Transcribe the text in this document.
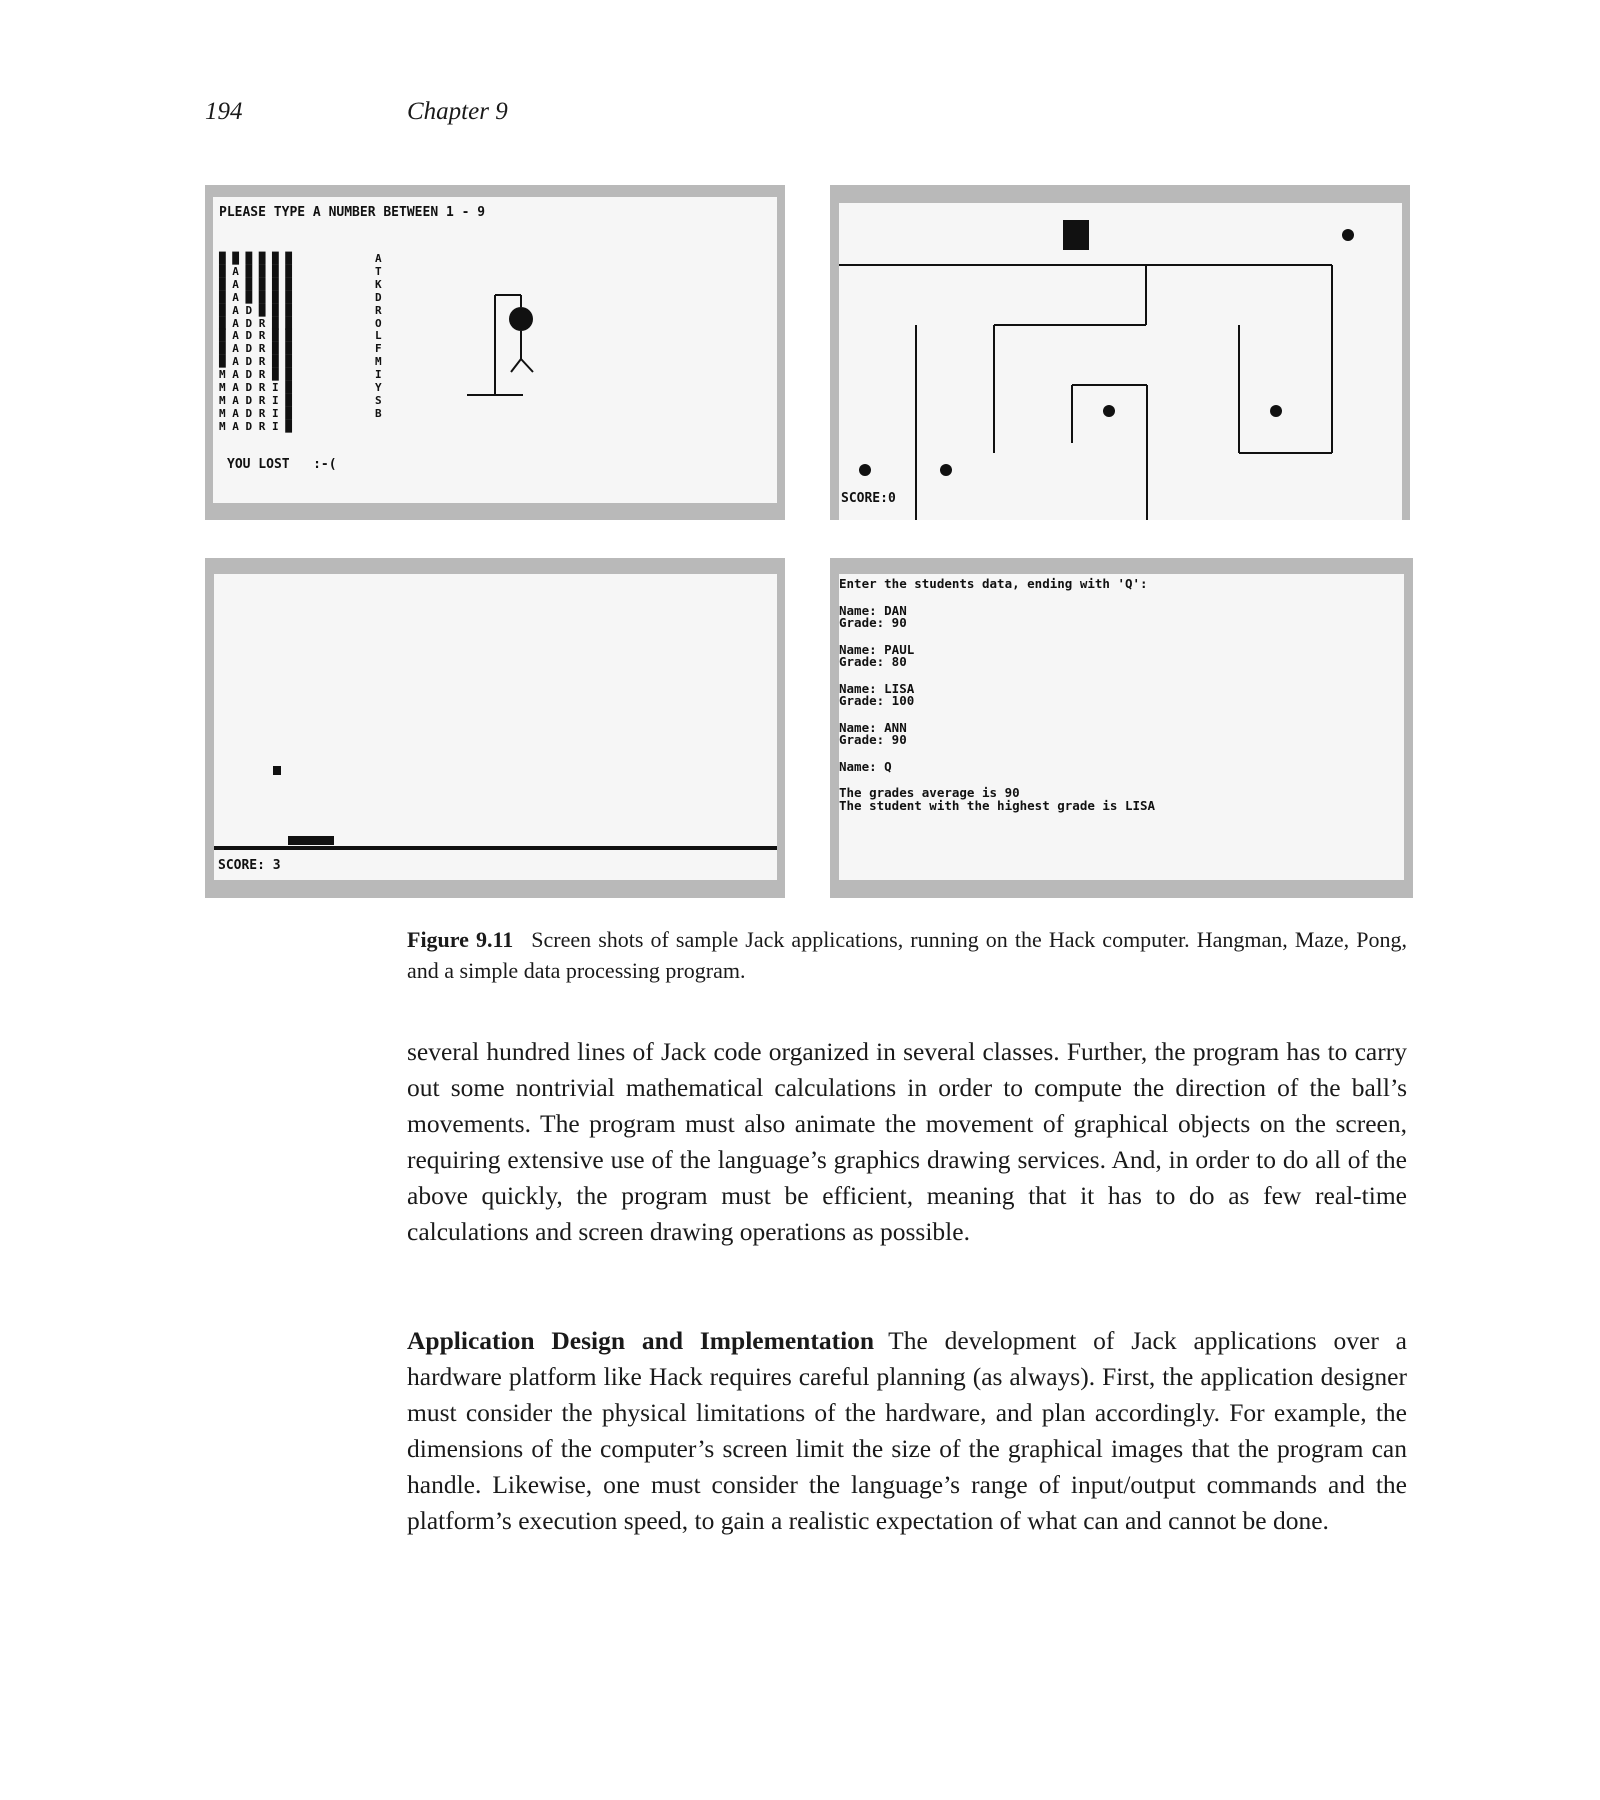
194	Chapter 9
PLEASE TYPE A NUMBER BETWEEN 1 - 9
█ █ █ █ █ █
█ A █ █ █ █
█ A █ █ █ █
█ A █ █ █ █
█ A D █ █ █
█ A D R █ █
█ A D R █ █
█ A D R █ █
█ A D R █ █
M A D R █ █
M A D R I █
M A D R I █
M A D R I █
M A D R I █
A
T
K
D
R
O
L
F
M
I
Y
S
B
YOU LOST   :-(
SCORE:0
SCORE: 3
Enter the students data, ending with 'Q':
Name: DAN
Grade: 90
Name: PAUL
Grade: 80
Name: LISA
Grade: 100
Name: ANN
Grade: 90
Name: Q
The grades average is 90
The student with the highest grade is LISA
Figure 9.11 Screen shots of sample Jack applications, running on the Hack computer. Hangman, Maze, Pong, and a simple data processing program.
several hundred lines of Jack code organized in several classes. Further, the program has to carry out some nontrivial mathematical calculations in order to compute the direction of the ball’s movements. The program must also animate the movement of graphical objects on the screen, requiring extensive use of the language’s graphics drawing services. And, in order to do all of the above quickly, the program must be efficient, meaning that it has to do as few real-time calculations and screen drawing operations as possible.
Application Design and Implementation The development of Jack applications over a hardware platform like Hack requires careful planning (as always). First, the application designer must consider the physical limitations of the hardware, and plan accordingly. For example, the dimensions of the computer’s screen limit the size of the graphical images that the program can handle. Likewise, one must consider the language’s range of input/output commands and the platform’s execution speed, to gain a realistic expectation of what can and cannot be done.
